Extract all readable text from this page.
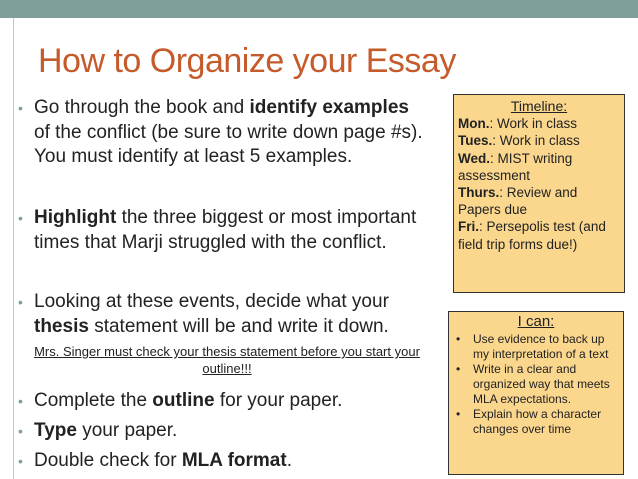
How to Organize your Essay
• Go through the book and identify examples of the conflict (be sure to write down page #s). You must identify at least 5 examples.
• Highlight the three biggest or most important times that Marji struggled with the conflict.
• Looking at these events, decide what your thesis statement will be and write it down.
Mrs. Singer must check your thesis statement before you start your outline!!!
• Complete the outline for your paper.
• Type your paper.
• Double check for MLA format.
Timeline:
Mon.: Work in class
Tues.: Work in class
Wed.: MIST writing assessment
Thurs.: Review and Papers due
Fri.: Persepolis test (and field trip forms due!)
I can:
• Use evidence to back up my interpretation of a text
• Write in a clear and organized way that meets MLA expectations.
• Explain how a character changes over time
